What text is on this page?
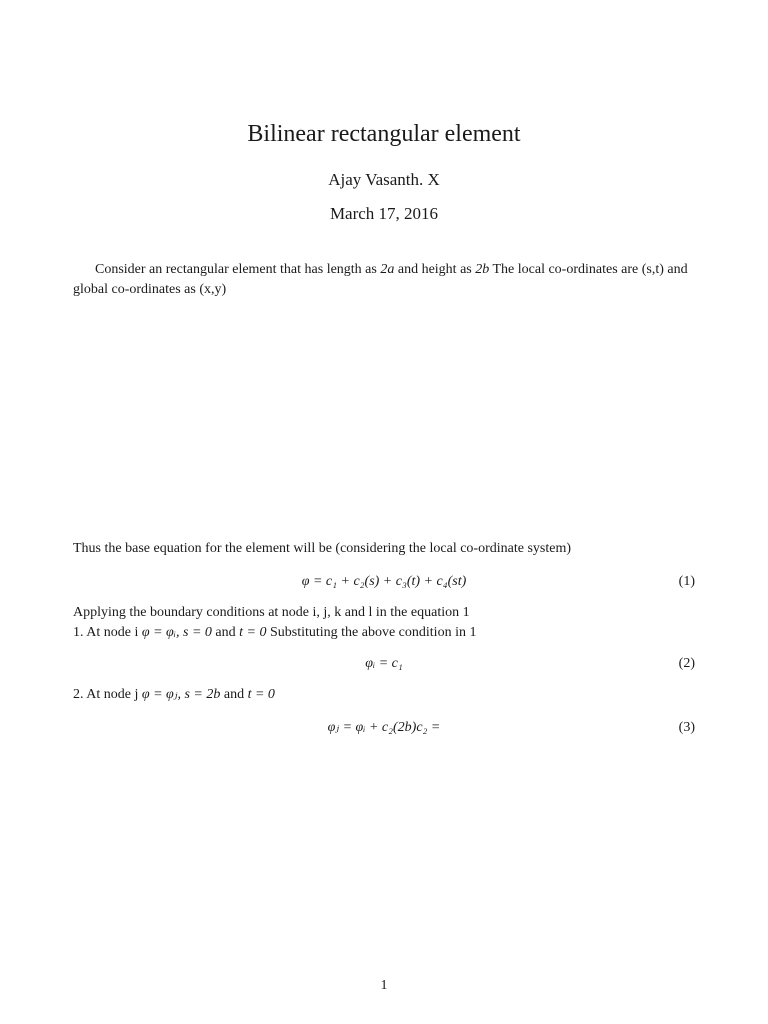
Bilinear rectangular element
Ajay Vasanth. X
March 17, 2016
Consider an rectangular element that has length as 2a and height as 2b The local co-ordinates are (s,t) and global co-ordinates as (x,y)
Thus the base equation for the element will be (considering the local co-ordinate system)
φ = c₁ + c₂(s) + c₃(t) + c₄(st)	(1)
Applying the boundary conditions at node i, j, k and l in the equation 1
1. At node i φ = φᵢ, s = 0 and t = 0 Substituting the above condition in 1
φᵢ = c₁	(2)
2. At node j φ = φⱼ, s = 2b and t = 0
φⱼ = φᵢ + c₂(2b)c₂ =	(3)
1
